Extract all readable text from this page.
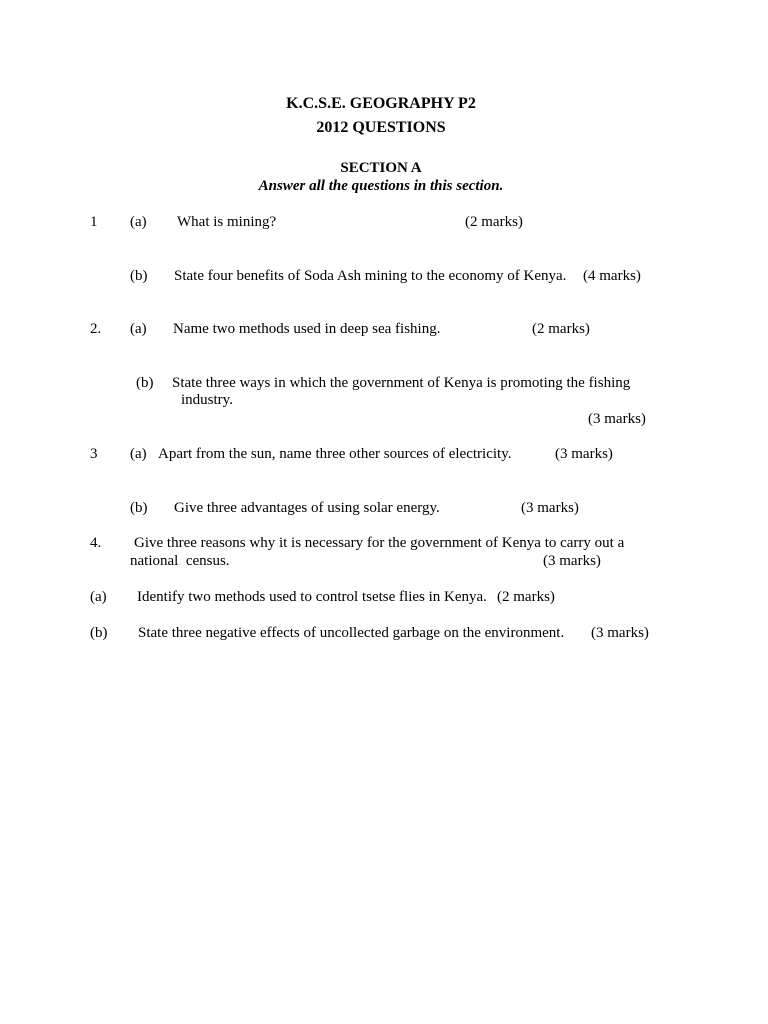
K.C.S.E. GEOGRAPHY P2
2012 QUESTIONS
SECTION A
Answer all the questions in this section.
1 (a) What is mining?	(2 marks)
(b) State four benefits of Soda Ash mining to the economy of Kenya. (4 marks)
2. (a) Name two methods used in deep sea fishing.	(2 marks)
(b) State three ways in which the government of Kenya is promoting the fishing
industry.
(3 marks)
3 (a) Apart from the sun, name three other sources of electricity.	(3 marks)
(b) Give three advantages of using solar energy.	(3 marks)
4. Give three reasons why it is necessary for the government of Kenya to carry out a
national  census.	(3 marks)
(a) Identify two methods used to control tsetse flies in Kenya. (2 marks)
(b) State three negative effects of uncollected garbage on the environment. (3 marks)
